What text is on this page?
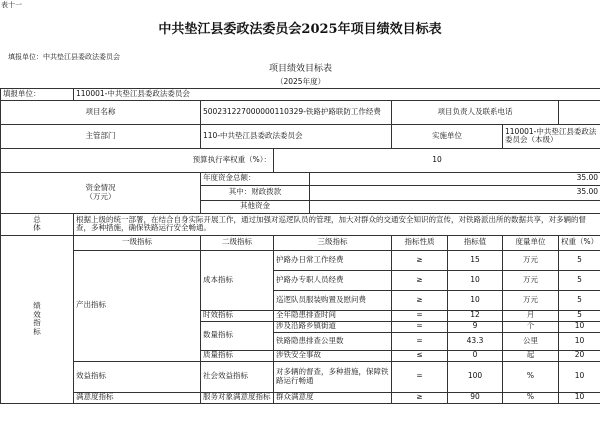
表十一
中共垫江县委政法委员会2025年项目绩效目标表
填报单位：中共垫江县委政法委员会
项目绩效目标表								
（2025年度）								
填报单位：	110001-中共垫江县委政法委员会							
项目名称		500231227000000110329-铁路护路联防工作经费			项目负责人及联系电话			
主管部门		110-中共垫江县委政法委员会			实施单位		110001-中共垫江县委政法委员会（本级）	
预算执行率权重（%）：			10					
资金情况
（万元）		年度资金总额：		35.00				
		其中：财政拨款		35.00				
		其他资金						
总
体	根据上级的统一部署，在结合自身实际开展工作，通过加强对巡逻队员的管理，加大对群众的交通安全知识的宣传，对铁路派出所的数据共享，对多辆的督查，多种措施，确保铁路运行安全畅通。							
绩
效
指
标	一级指标	二级指标	三级指标		指标性质	指标值	度量单位	权重（%）
	产出指标	成本指标	护路办日常工作经费		≥	15	万元	5
			护路办专职人员经费		≥	10	万元	5
			巡逻队员服装购置及慰问费		≥	10	万元	5
		时效指标	全年隐患排查时间		=	12	月	5
		数量指标	涉及沿路乡镇街道		=	9	个	10
			铁路隐患排查公里数		=	43.3	公里	10
		质量指标	涉铁安全事故		≤	0	起	20
	效益指标	社会效益指标	对多辆的督查，多种措施，保障铁路运行畅通		=	100	%	10
	满意度指标	服务对象满意度指标	群众满意度		≥	90	%	10
